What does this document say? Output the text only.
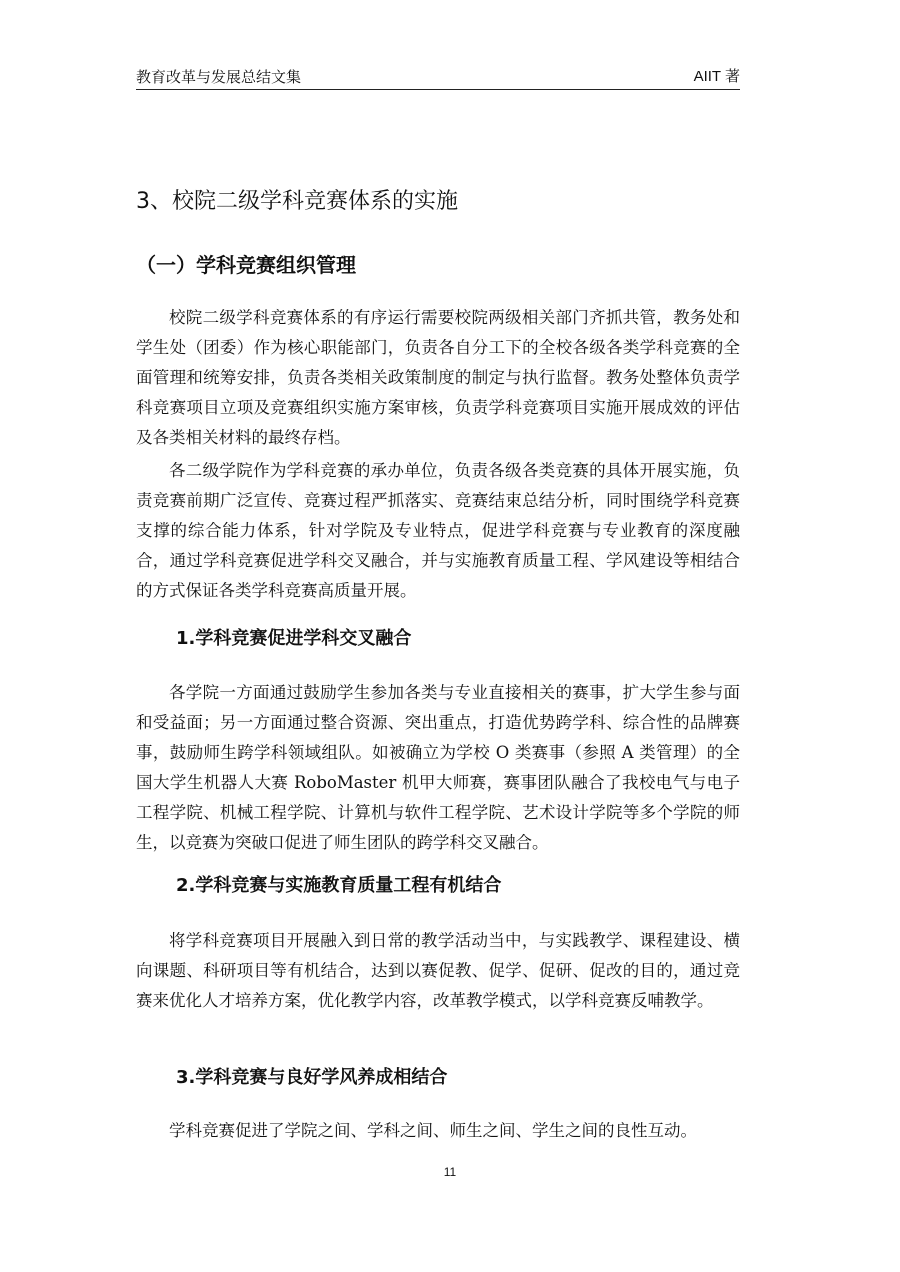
教育改革与发展总结文集	AIIT 著
3、校院二级学科竞赛体系的实施
（一）学科竞赛组织管理

校院二级学科竞赛体系的有序运行需要校院两级相关部门齐抓共管，教务处和学生处（团委）作为核心职能部门，负责各自分工下的全校各级各类学科竞赛的全面管理和统筹安排，负责各类相关政策制度的制定与执行监督。教务处整体负责学科竞赛项目立项及竞赛组织实施方案审核，负责学科竞赛项目实施开展成效的评估及各类相关材料的最终存档。

各二级学院作为学科竞赛的承办单位，负责各级各类竞赛的具体开展实施，负责竞赛前期广泛宣传、竞赛过程严抓落实、竞赛结束总结分析，同时围绕学科竞赛支撑的综合能力体系，针对学院及专业特点，促进学科竞赛与专业教育的深度融合，通过学科竞赛促进学科交叉融合，并与实施教育质量工程、学风建设等相结合的方式保证各类学科竞赛高质量开展。

1.学科竞赛促进学科交叉融合

各学院一方面通过鼓励学生参加各类与专业直接相关的赛事，扩大学生参与面和受益面；另一方面通过整合资源、突出重点，打造优势跨学科、综合性的品牌赛事，鼓励师生跨学科领域组队。如被确立为学校 O 类赛事（参照 A 类管理）的全国大学生机器人大赛 RoboMaster 机甲大师赛，赛事团队融合了我校电气与电子工程学院、机械工程学院、计算机与软件工程学院、艺术设计学院等多个学院的师生，以竞赛为突破口促进了师生团队的跨学科交叉融合。

2.学科竞赛与实施教育质量工程有机结合

将学科竞赛项目开展融入到日常的教学活动当中，与实践教学、课程建设、横向课题、科研项目等有机结合，达到以赛促教、促学、促研、促改的目的，通过竞赛来优化人才培养方案，优化教学内容，改革教学模式，以学科竞赛反哺教学。

3.学科竞赛与良好学风养成相结合

学科竞赛促进了学院之间、学科之间、师生之间、学生之间的良性互动。

11
